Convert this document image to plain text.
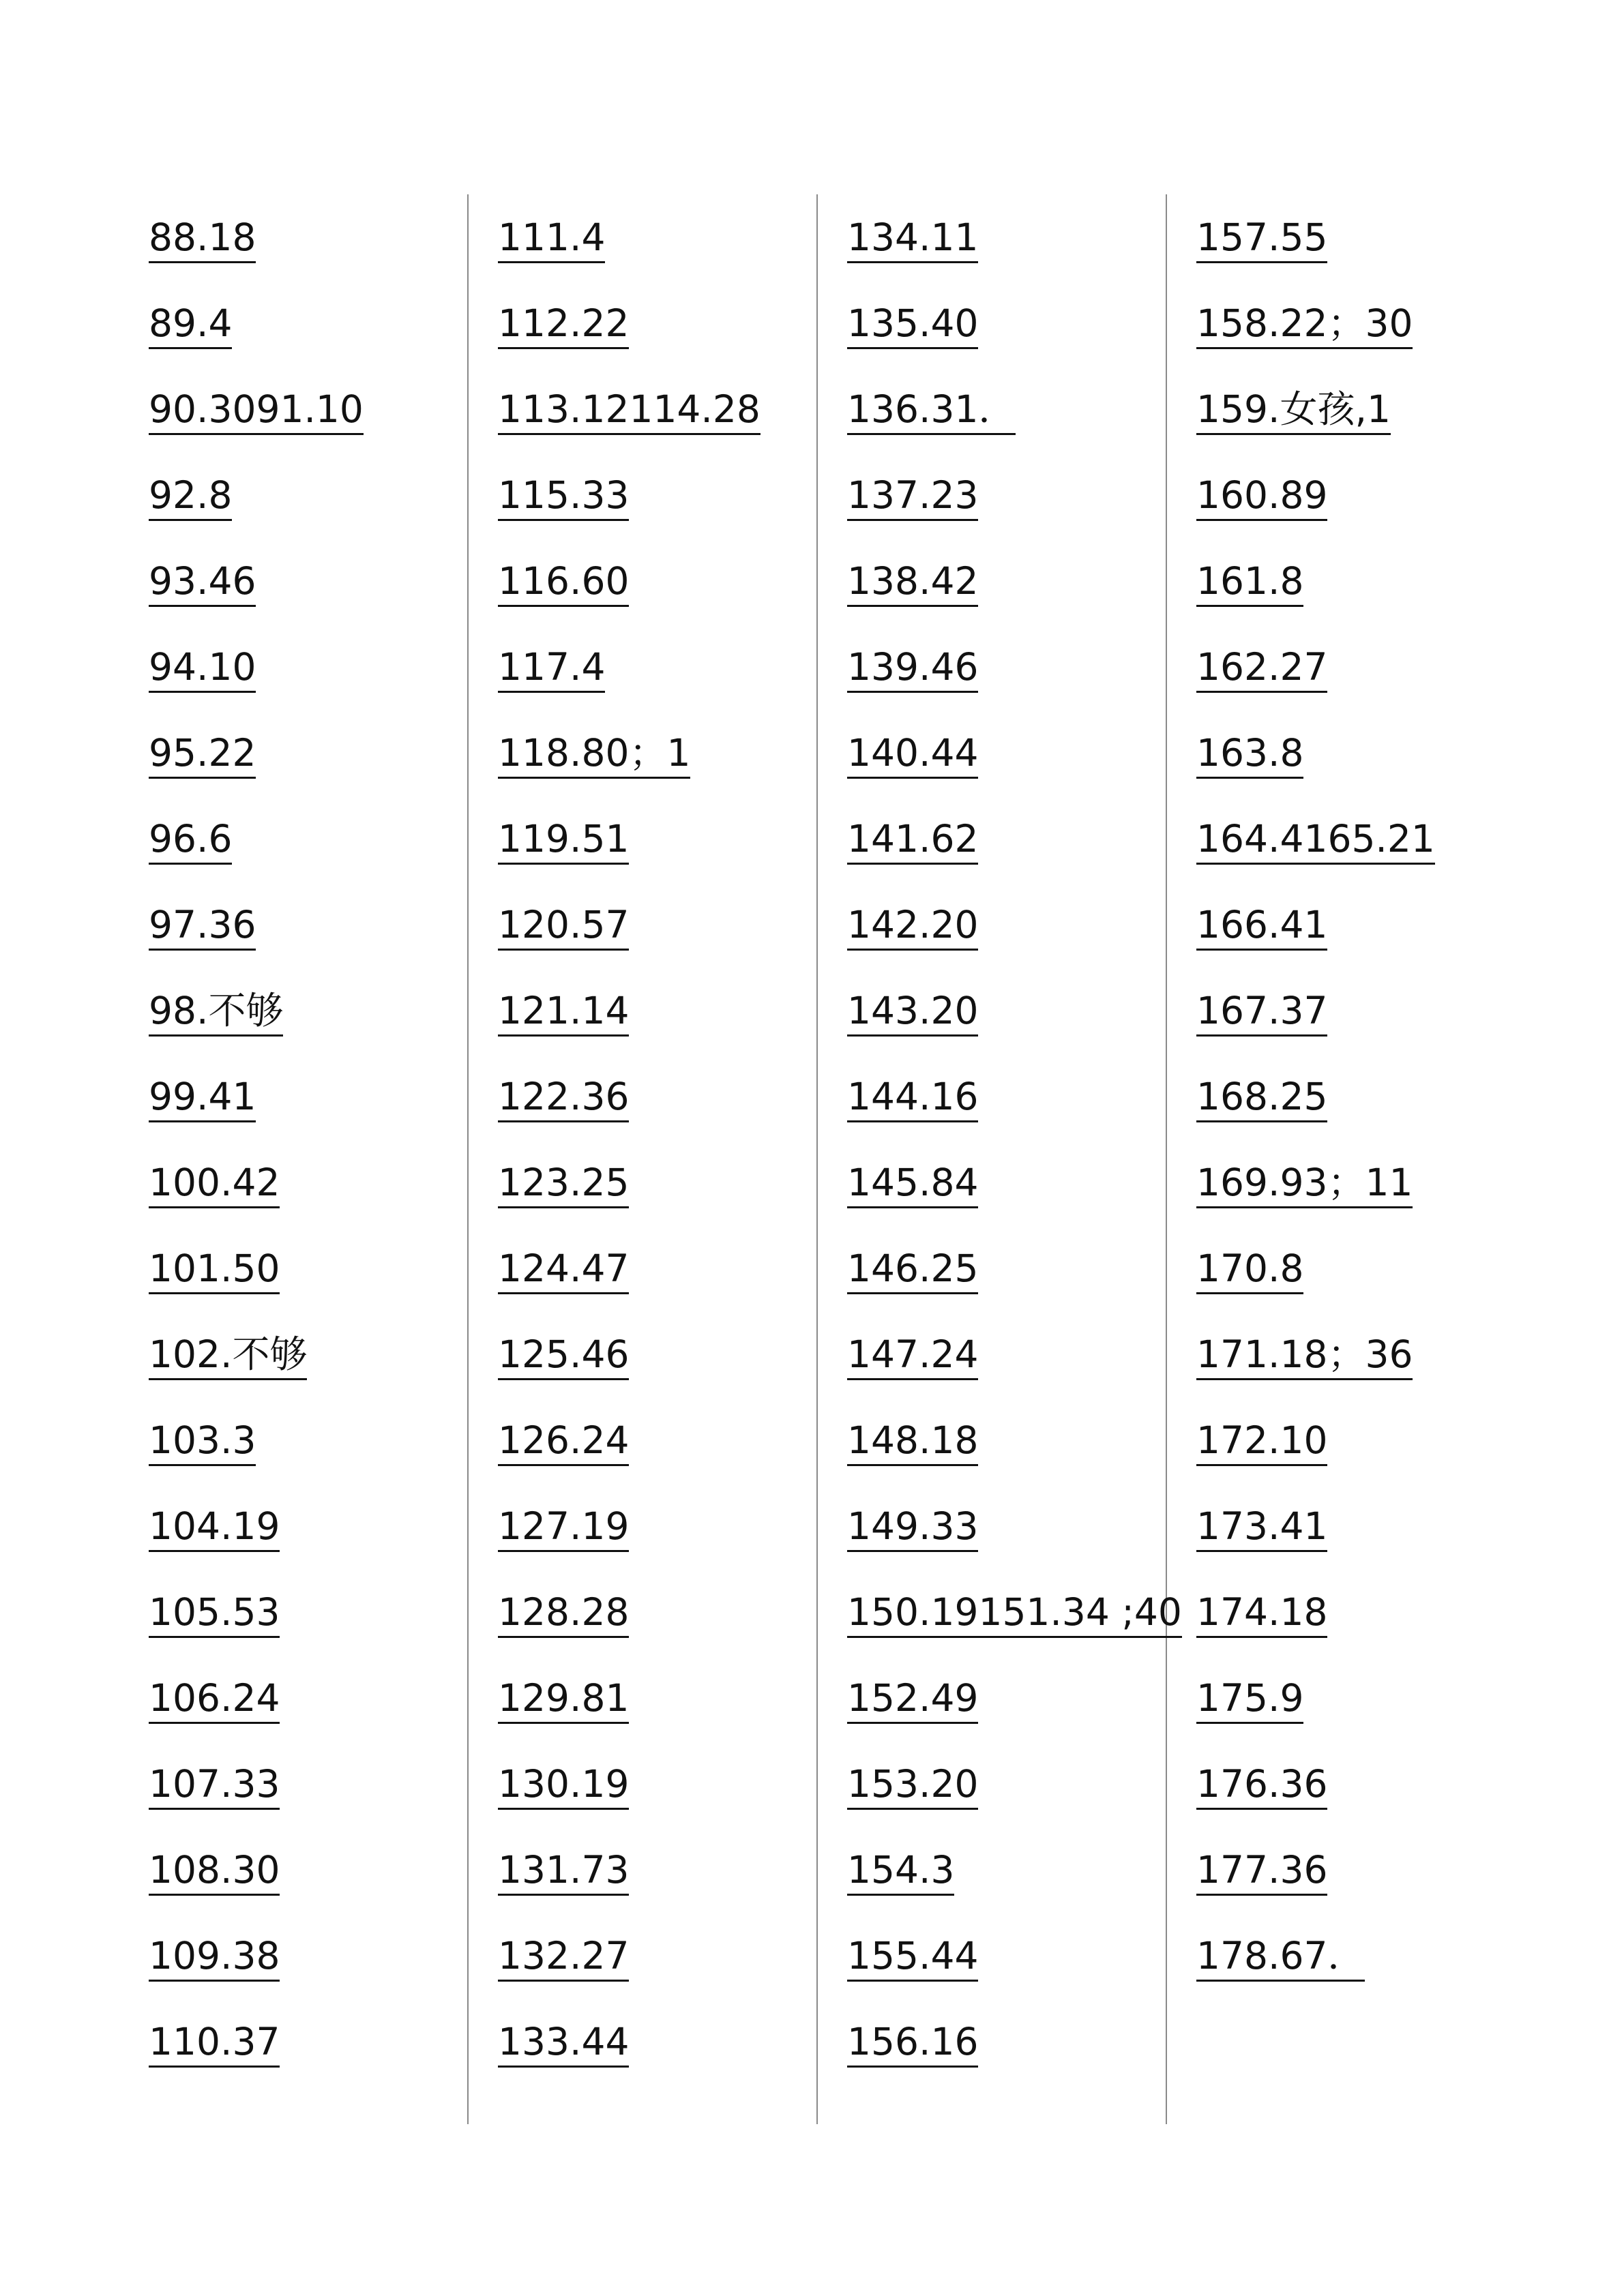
88.18
89.4
90.3091.10
92.8
93.46
94.10
95.22
96.6
97.36
98.不够
99.41
100.42
101.50
102.不够
103.3
104.19
105.53
106.24
107.33
108.30
109.38
110.37
111.4
112.22
113.12114.28
115.33
116.60
117.4
118.80；1
119.51
120.57
121.14
122.36
123.25
124.47
125.46
126.24
127.19
128.28
129.81
130.19
131.73
132.27
133.44
134.11
135.40
136.31．
137.23
138.42
139.46
140.44
141.62
142.20
143.20
144.16
145.84
146.25
147.24
148.18
149.33
150.19151.34 ;40
152.49
153.20
154.3
155.44
156.16
157.55
158.22；30
159.女孩,1
160.89
161.8
162.27
163.8
164.4165.21
166.41
167.37
168.25
169.93；11
170.8
171.18；36
172.10
173.41
174.18
175.9
176.36
177.36
178.67．
